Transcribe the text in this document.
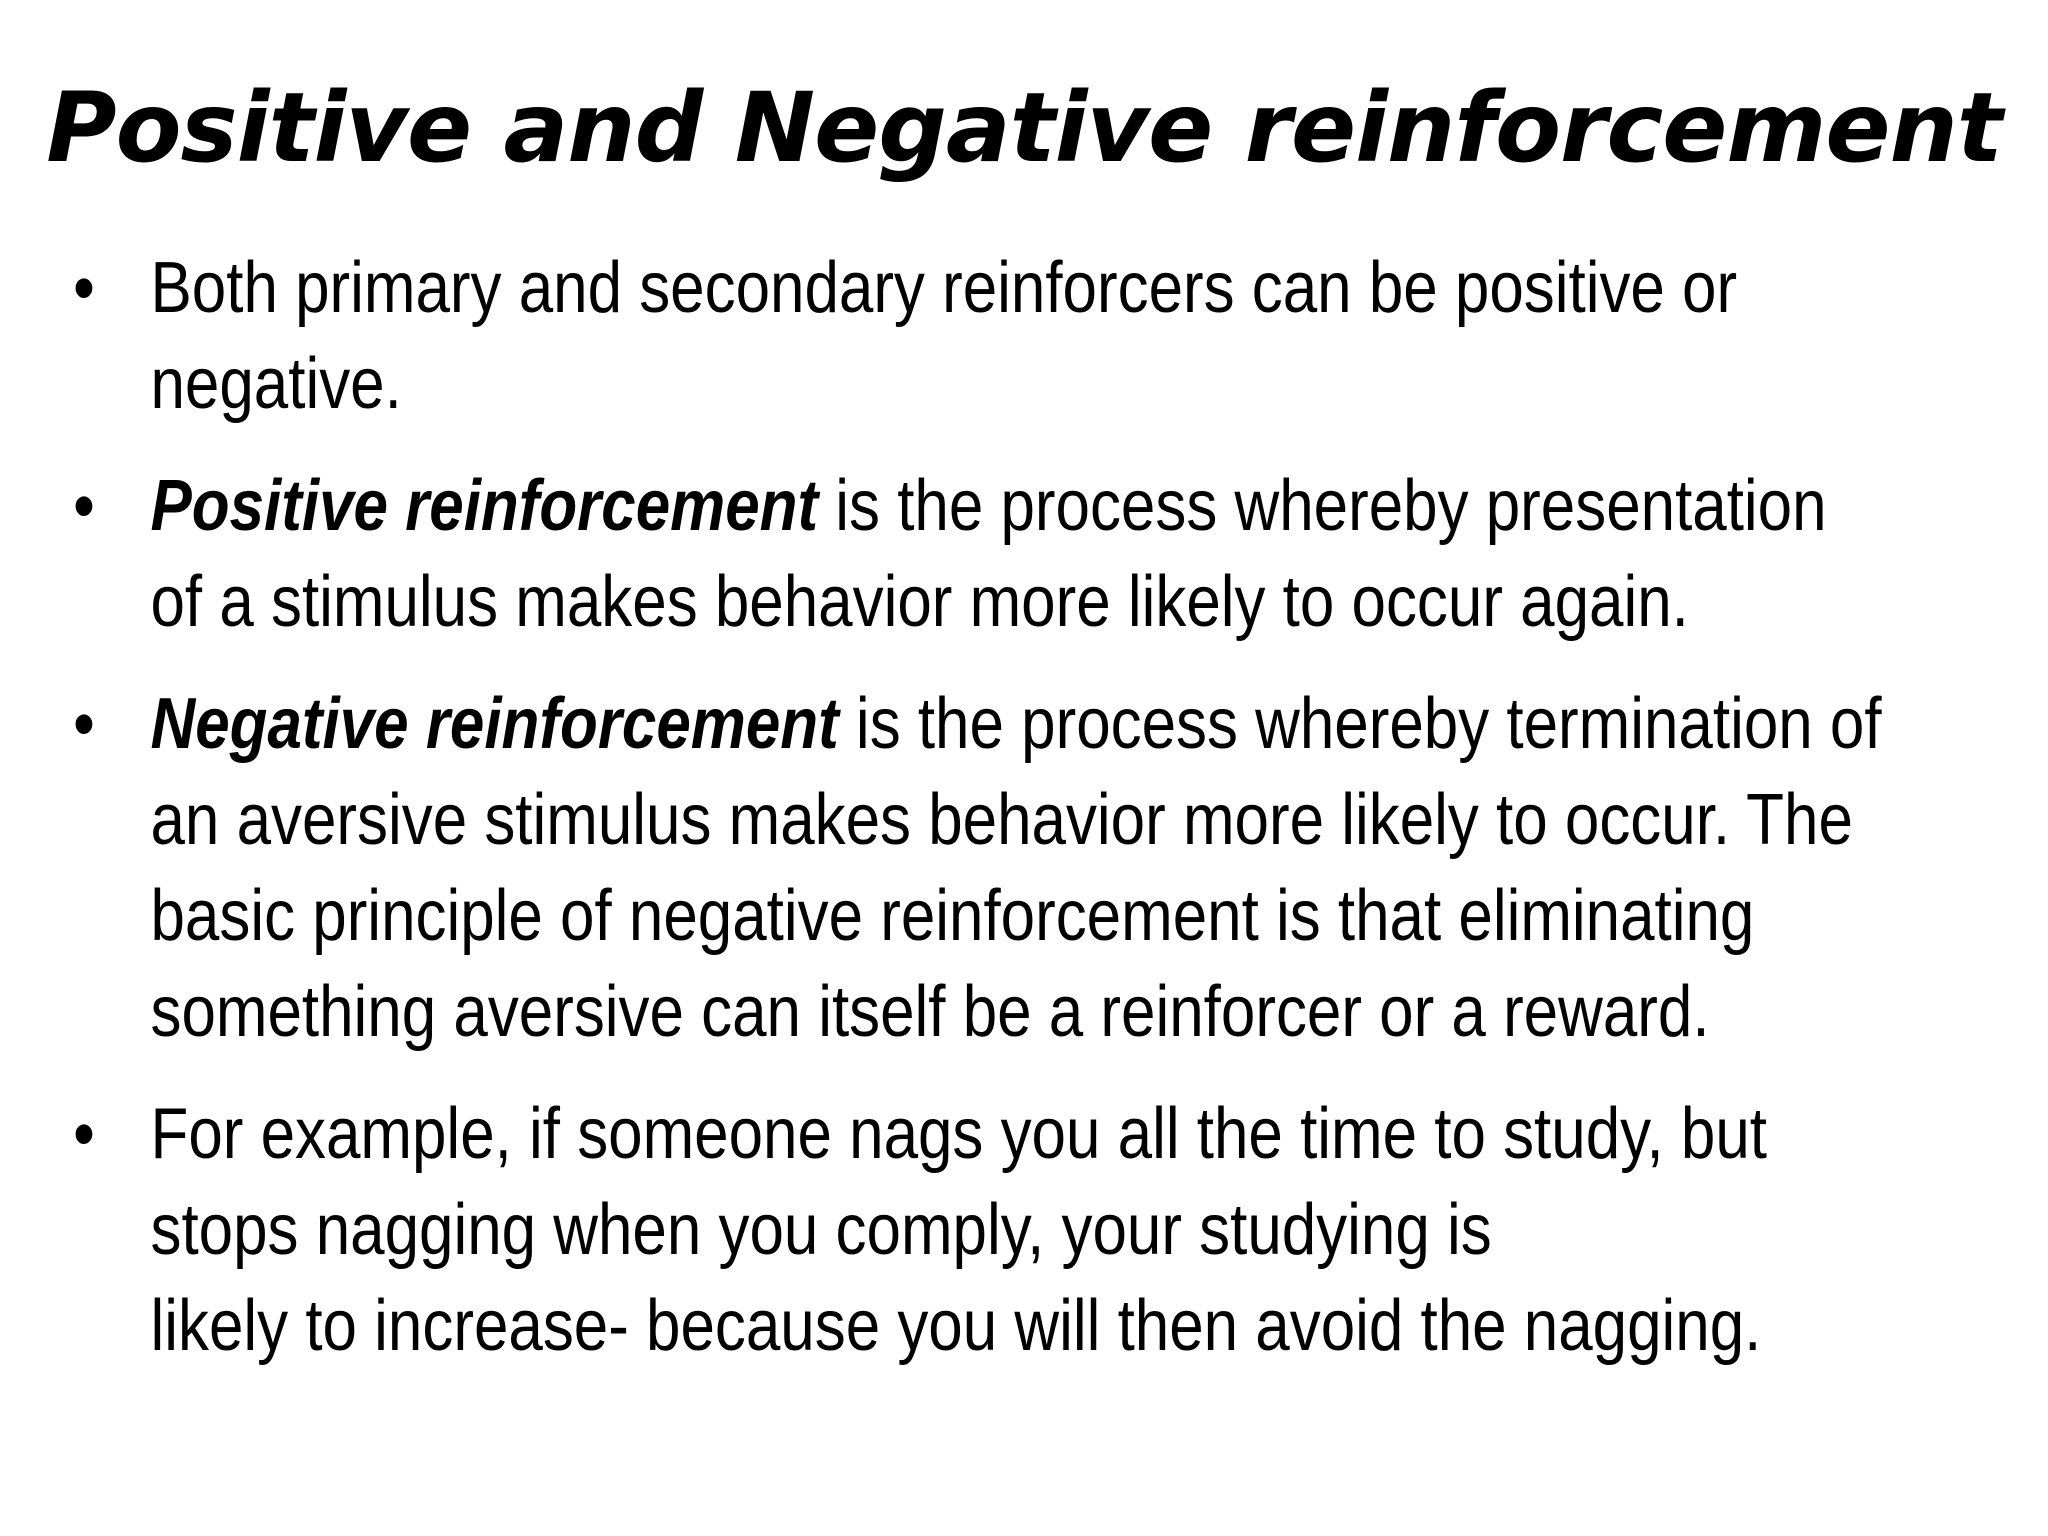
Positive and Negative reinforcement
• Both primary and secondary reinforcers can be positive or
negative.
• Positive reinforcement is the process whereby presentation
of a stimulus makes behavior more likely to occur again.
• Negative reinforcement is the process whereby termination of
an aversive stimulus makes behavior more likely to occur. The
basic principle of negative reinforcement is that eliminating
something aversive can itself be a reinforcer or a reward.
• For example, if someone nags you all the time to study, but
stops nagging when you comply, your studying is
likely to increase- because you will then avoid the nagging.
